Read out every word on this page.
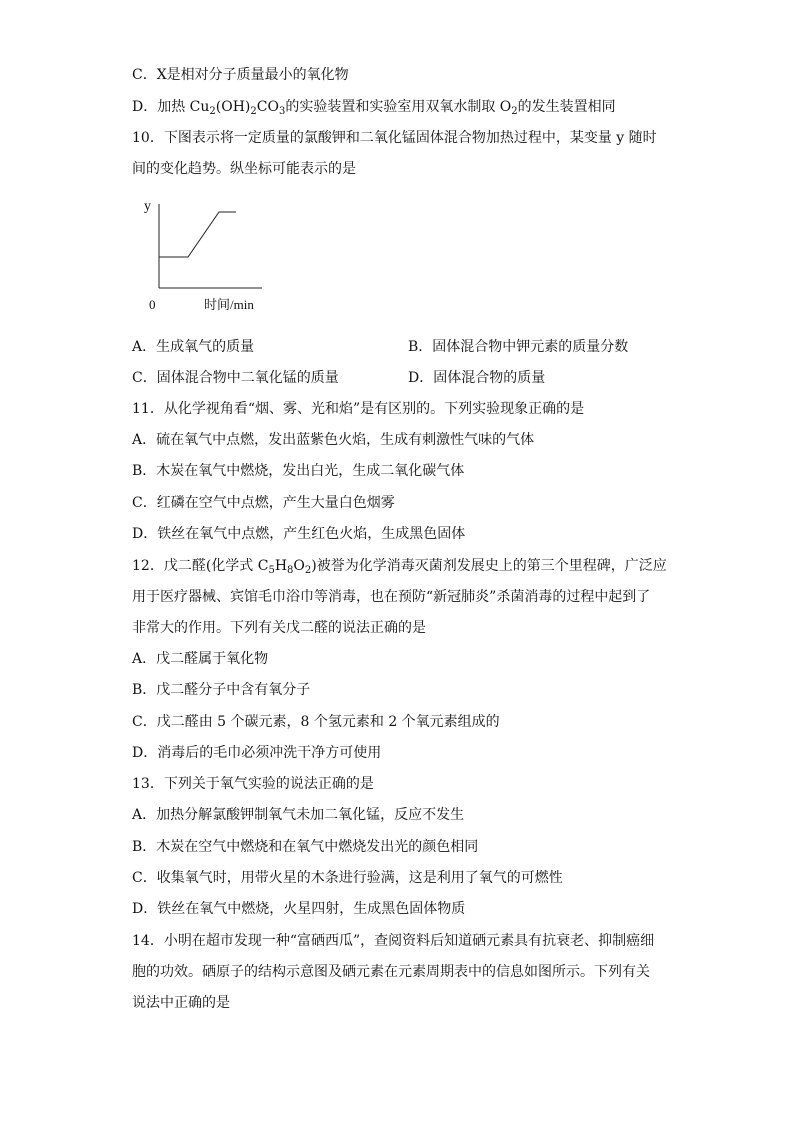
C．X是相对分子质量最小的氧化物
D．加热 $Cu_2(OH)_2CO_3$的实验装置和实验室用双氧水制取 $O_2$的发生装置相同
10．下图表示将一定质量的氯酸钾和二氧化锰固体混合物加热过程中，某变量 y 随时
间的变化趋势。纵坐标可能表示的是
y
0	时间/min
A．生成氧气的质量	B．固体混合物中钾元素的质量分数
C．固体混合物中二氧化锰的质量	D．固体混合物的质量
11．从化学视角看“烟、雾、光和焰”是有区别的。下列实验现象正确的是
A．硫在氧气中点燃，发出蓝紫色火焰，生成有刺激性气味的气体
B．木炭在氧气中燃烧，发出白光，生成二氧化碳气体
C．红磷在空气中点燃，产生大量白色烟雾
D．铁丝在氧气中点燃，产生红色火焰，生成黑色固体
12．戊二醛(化学式 $C_5H_8O_2$)被誉为化学消毒灭菌剂发展史上的第三个里程碑，广泛应
用于医疗器械、宾馆毛巾浴巾等消毒，也在预防“新冠肺炎”杀菌消毒的过程中起到了
非常大的作用。下列有关戊二醛的说法正确的是
A．戊二醛属于氧化物
B．戊二醛分子中含有氧分子
C．戊二醛由 5 个碳元素，8 个氢元素和 2 个氧元素组成的
D．消毒后的毛巾必须冲洗干净方可使用
13．下列关于氧气实验的说法正确的是
A．加热分解氯酸钾制氧气未加二氧化锰，反应不发生
B．木炭在空气中燃烧和在氧气中燃烧发出光的颜色相同
C．收集氧气时，用带火星的木条进行验满，这是利用了氧气的可燃性
D．铁丝在氧气中燃烧，火星四射，生成黑色固体物质
14．小明在超市发现一种“富硒西瓜”，查阅资料后知道硒元素具有抗衰老、抑制癌细
胞的功效。硒原子的结构示意图及硒元素在元素周期表中的信息如图所示。下列有关
说法中正确的是
